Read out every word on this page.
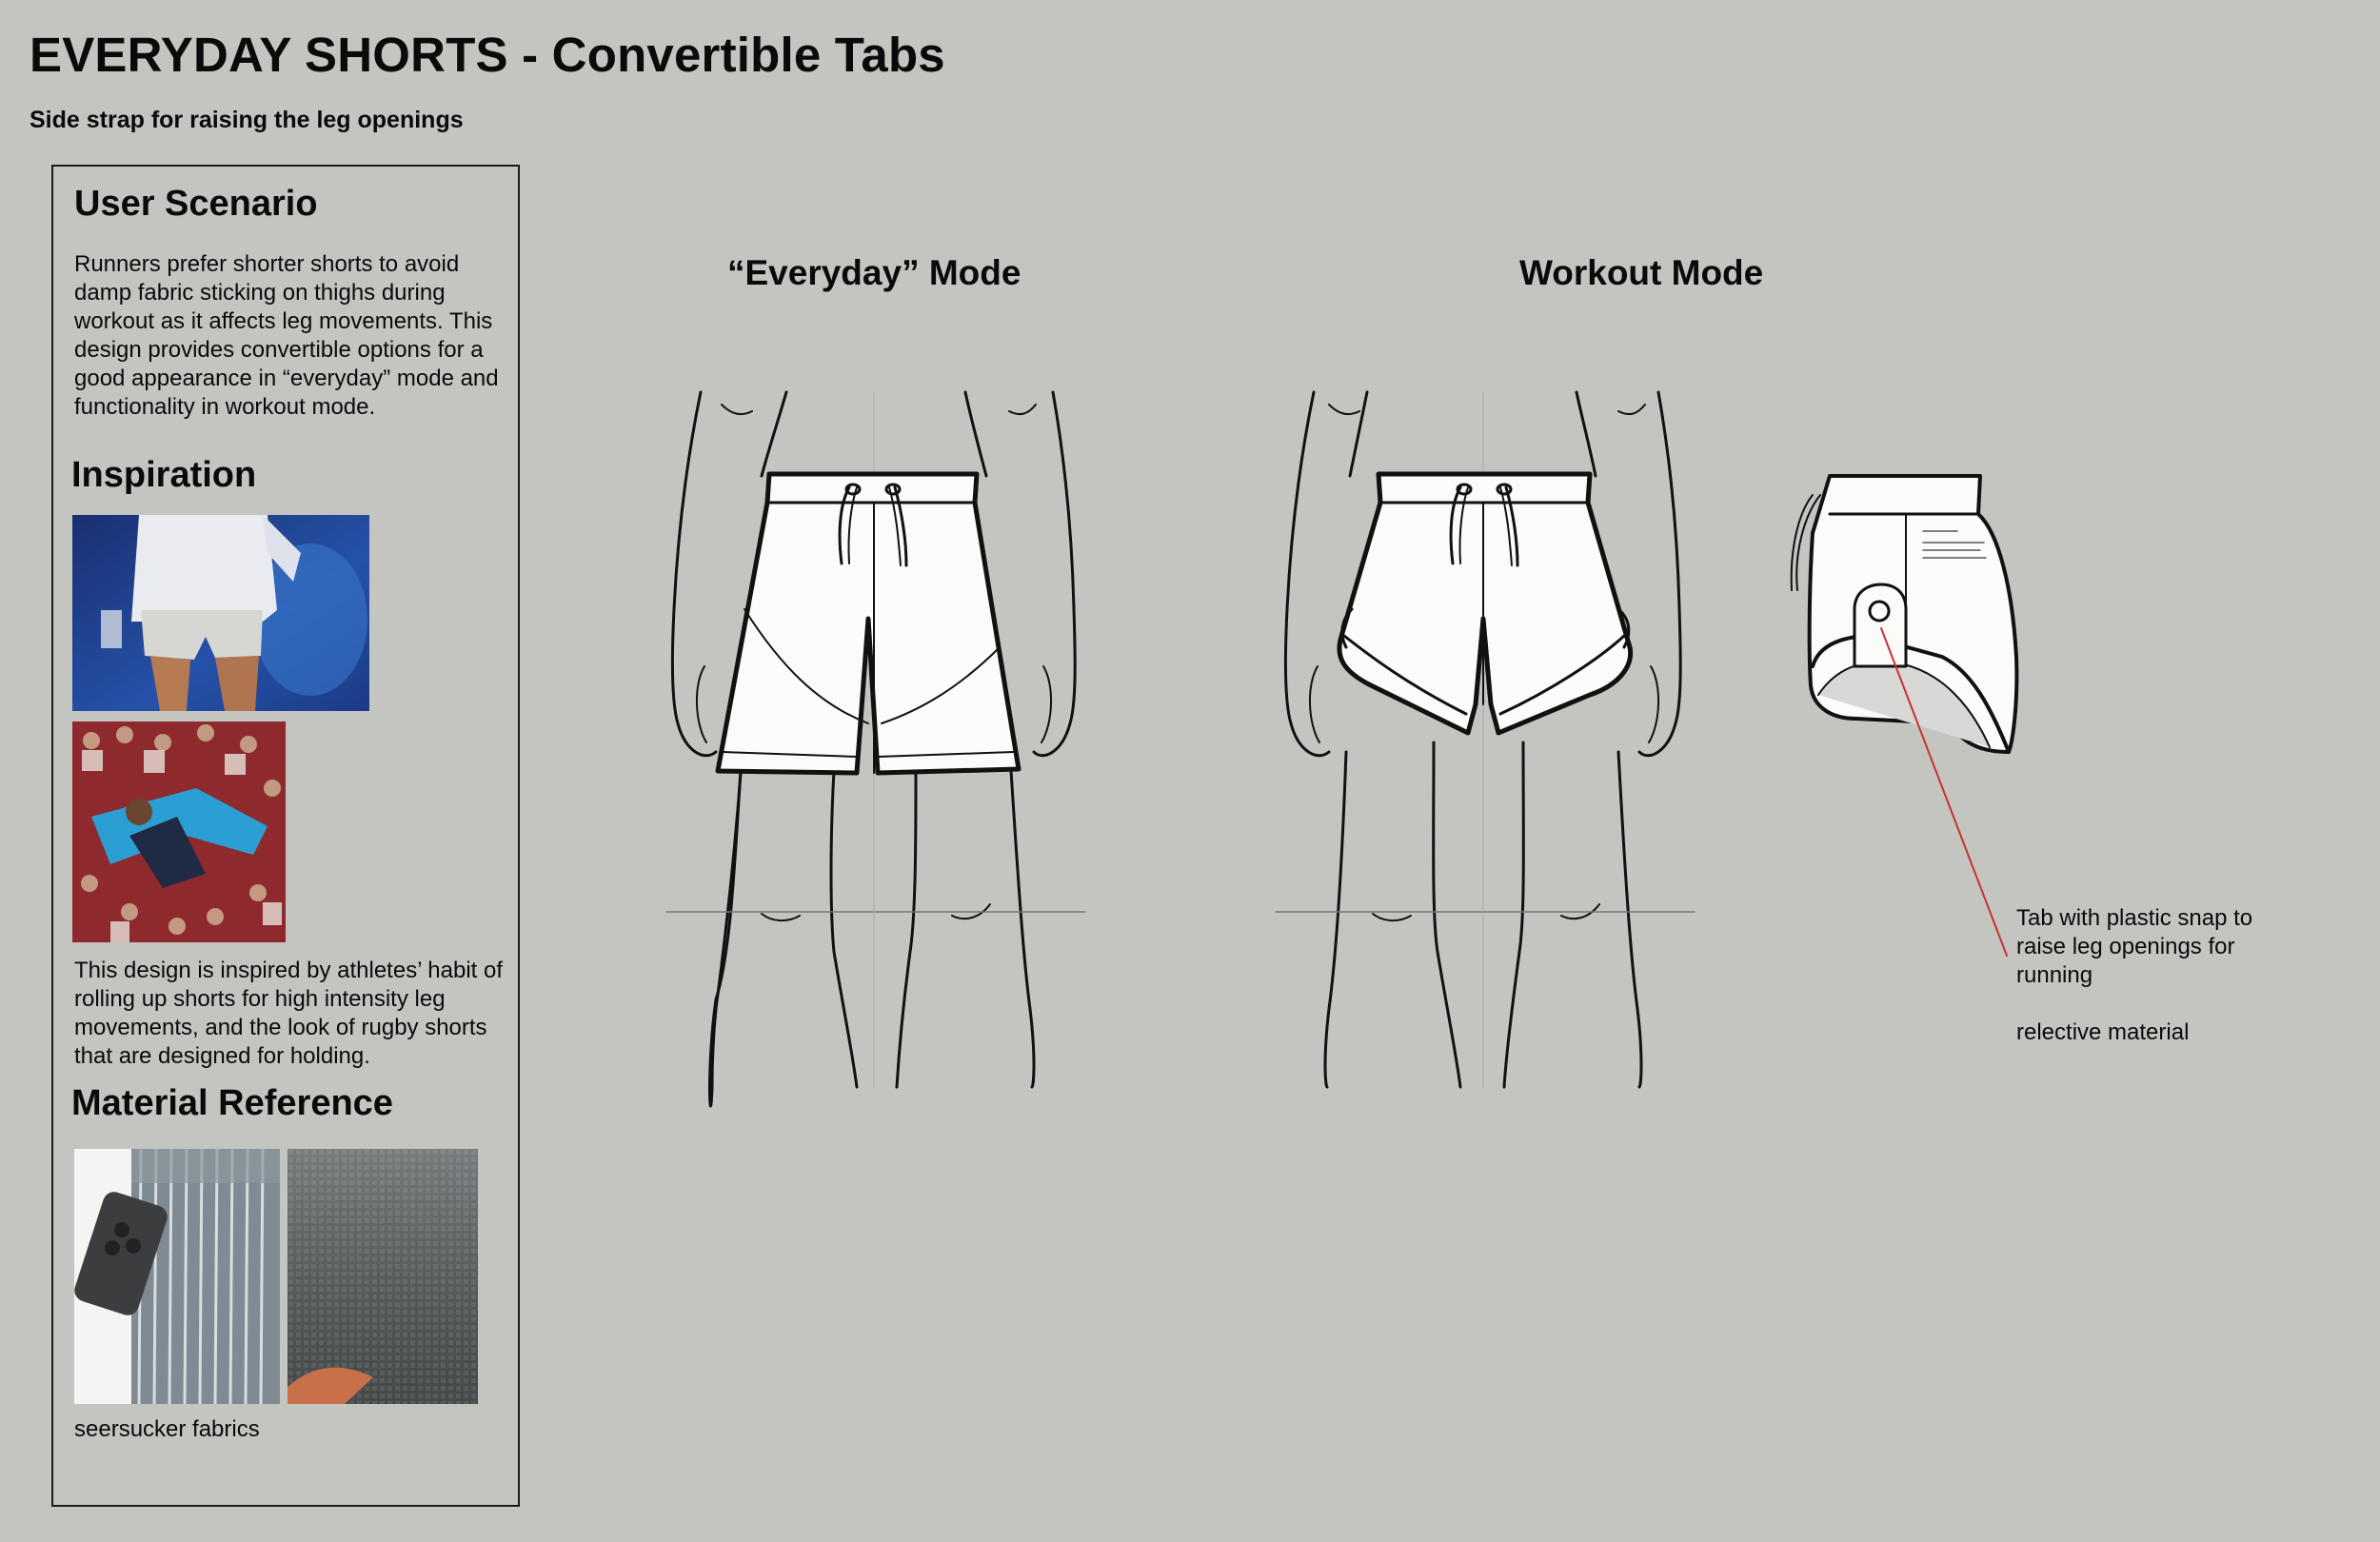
EVERYDAY SHORTS - Convertible Tabs
Side strap for raising the leg openings
User Scenario
Runners prefer shorter shorts to avoid damp fabric sticking on thighs during workout as it affects leg movements. This design provides convertible options for a good appearance in “everyday” mode and functionality in workout mode.
Inspiration
This design is inspired by athletes’ habit of rolling up shorts for high intensity leg movements, and the look of rugby shorts that are designed for holding.
Material Reference
seersucker fabrics
“Everyday” Mode	Workout Mode
Tab with plastic snap to raise leg openings for running
relective material
